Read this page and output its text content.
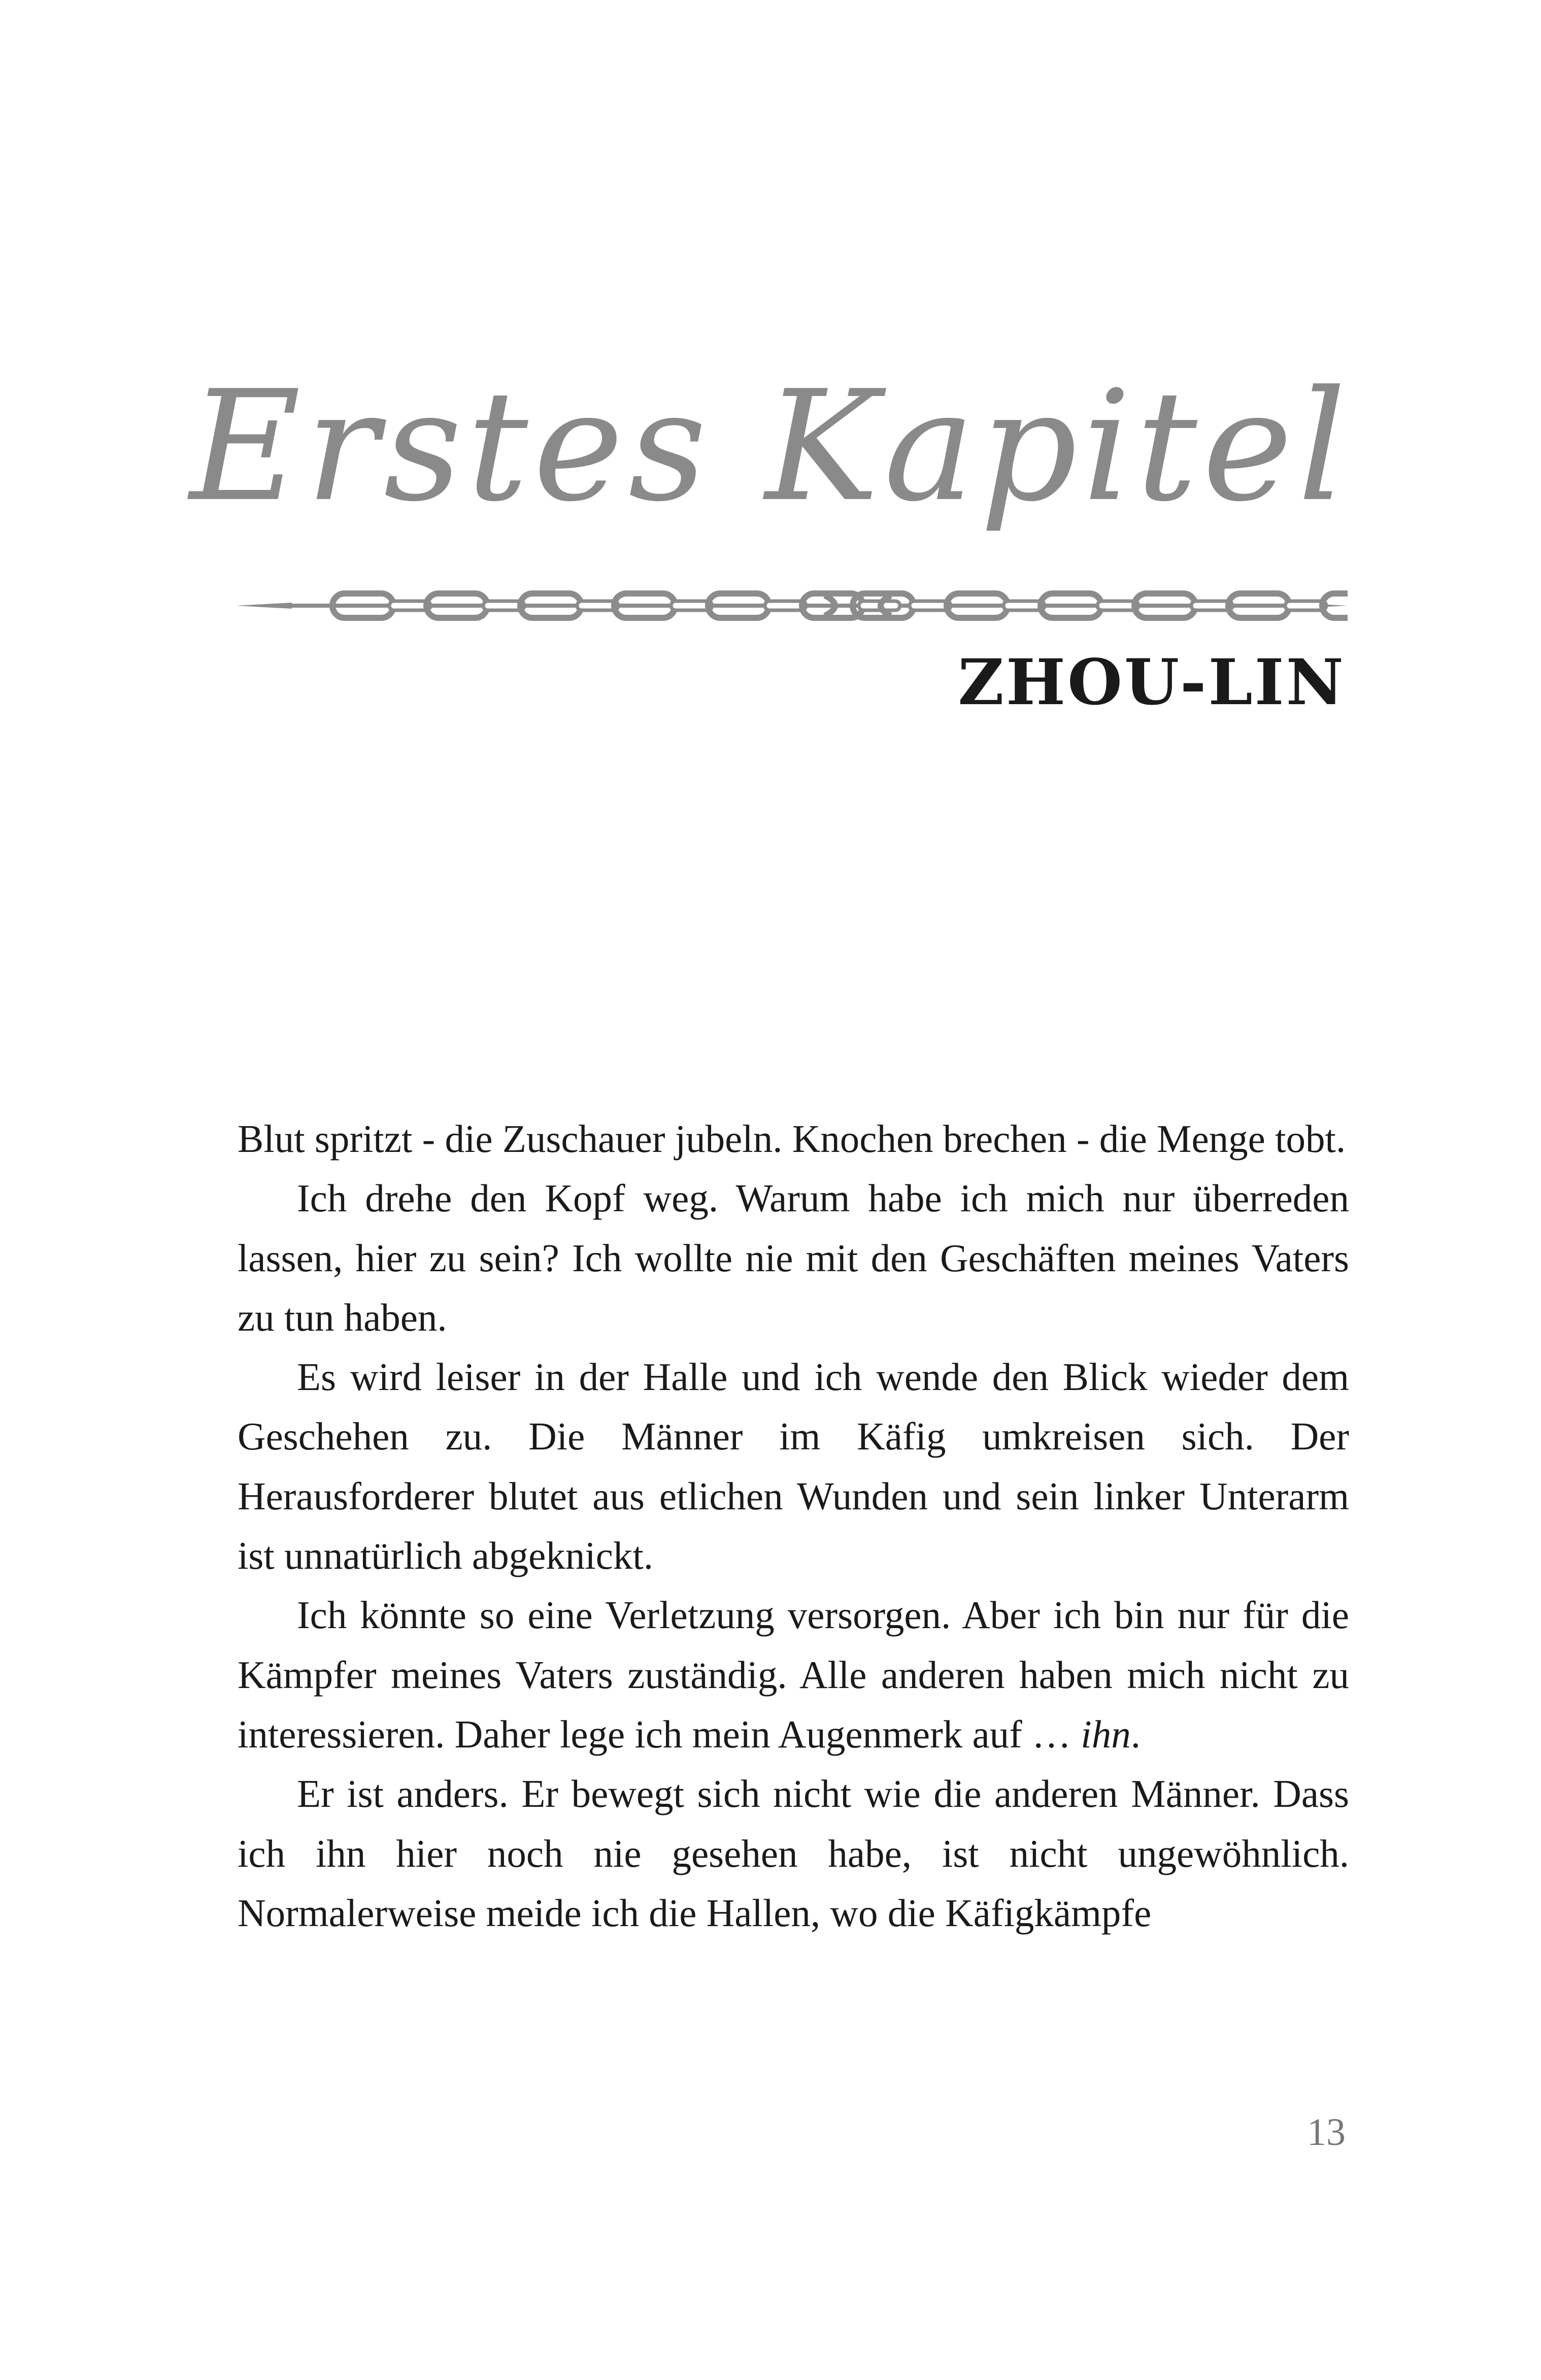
Erstes Kapitel
ZHOU-LIN

Blut spritzt - die Zuschauer jubeln. Knochen brechen - die Menge tobt.

Ich drehe den Kopf weg. Warum habe ich mich nur überreden lassen, hier zu sein? Ich wollte nie mit den Geschäften meines Vaters zu tun haben.

Es wird leiser in der Halle und ich wende den Blick wieder dem Geschehen zu. Die Männer im Käfig umkreisen sich. Der Herausforderer blutet aus etlichen Wunden und sein linker Unterarm ist unnatürlich abgeknickt.

Ich könnte so eine Verletzung versorgen. Aber ich bin nur für die Kämpfer meines Vaters zuständig. Alle anderen haben mich nicht zu interessieren. Daher lege ich mein Augenmerk auf … ihn.

Er ist anders. Er bewegt sich nicht wie die anderen Männer. Dass ich ihn hier noch nie gesehen habe, ist nicht ungewöhnlich. Normalerweise meide ich die Hallen, wo die Käfigkämpfe

13
